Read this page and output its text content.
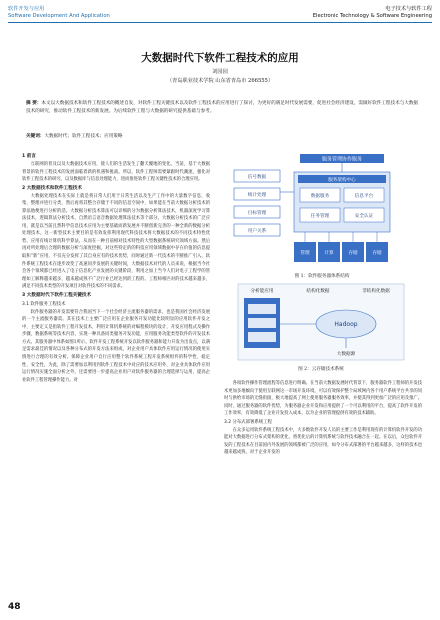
软件开发与应用
Software Development And Application
电子技术与软件工程
Electronic Technology & Software Engineering
大数据时代下软件工程技术的应用
刘园园
（青岛职业技术学院 山东省青岛市 266555）
摘 要：本文以大数据技术和软件工程技术的概述自发，对软件工程关键技术以及软件工程技术的应用进行了探讨，为更好的满足时代发展需要，促进社会经济建设，需做好软件工程技术与大数据技术的研究，推动软件工程技术的新发展。为后续软件工程与大数据的研究提供基础与参考。
关键词：大数据时代；软件工程技术；应用策略
1 前言

互联网的普及以及大数据技术应用，使人们的生活发生了翻天覆地的变化。当前，基于大数据背景的软件工程技术的发展面临着新的机遇和挑战。所以，软件工程师需要紧跟时代潮流，强化对软件工程技术的研究，以及数据库与信息处理能力，进而推进软件工程关键性技术的合理应用。

2 大数据技术和软件工程技术

大数据处理技术在实际上就是将日常人们用于日常生活以及生产工作中的大量数字信息，收集、整理并进行分类，然后再将其整合存储于不同的信息空间中，如果能在当前大数据分析技术的算法他便进行分析的活。大数据分析技术算法可以详细的分为数据分析算法技术，机器深度学习算法技术，逻辑算法分析技术，自然语言语音数据处理算法技术等个部分。大数据分析技术的广泛应用，就是以当前且然科学信息技术应用为主要基础而新发展并不断创新完善的一种全新的数据分析处理技术，这一新型技术主要目的是有效发挥利用现代科技技术将大数据技术的不同技术特性优势、应用有线计算机科学算法，从而在一种目前相对技术特性的大型数据系统研究领域方面。然后再对所处理后合理的数据分析与深度挖掘，对这些特定的的科技应用领域数据中存在价值的信息提取和“新”应用，不仅充分发挥了其自身应有的技术优势，同时通过新一代技术的不断推广引入，软件系统工程技术在逐步改变了高速同步发展的关键时间，大数据技术对代的人员来说，根据当今社会各个领域都已经进入了电子信息化产业发展的关键阶段，利用之加上当今人们对电子工程学的管理如工解释越来越多，越来越成熟不广泛行业已经达到的工程的。工程师相匹对的技术越来越多，满足不同技术类型的开发项目对软件技术的不同需求。

3 大数据时代下软件工程关键技术
3.1 软件服务工程技术

软件服务器的开发需要符合我国当下一个社会经济主流服务器的需求，也是我国社会经济发展的一个主流服务器需。其在技术上主要广泛应用在企业服务开发功能比较明显的应用软件开发之中，主要定义是指软件工程开发技术，利用计算机系统的对编程模块的设计，开发应用程式及操作步骤，数据系统等技术内容，实现一种具备同类服务开发功能，应用服务功能类型软件的开发技术方式。其服务器中体系如图1所示。软件开发工程系统开发以软件服务器和能力开发为出发点，以满足需求最佳的情况以及各种分布式的开发方法来组成，对企业用户具体软件应用运行情况的使用实情进行合理的有效分析。保障企业用户自行应用整个软件系统工程开发系统组件的科学性、稳定性、安全性，为此，除了需要加以利用到软件工程技术中对应的技术应用外，对企业具体软件应用运行情况实施全面分析之外，还需要进一步提高企业用户对软件服务器的合理选择与运用，提高企业软件工程管理操作能力。对

服务管理协作服务
信号数据
统计处理
目标管理
用户关系
服务架构中心
数据服务	信息平台
任务管理	安全认证
管理	计算	存储	存储
图 1：软件服务器体系结构
分析能应用	结构化数据	非结构化数据
Hadoop
大数据源
图 2：云存储技术系统

各项软件操作管理流程等信息进行明确。在当前大数据发展时代背景下，服务器软件工程师的开发技术更加多地倾向于使用互联网这一市场开发环境，可以有效保护整个局域网内各个用户系统平台共享的同时与供给市场的无缝衔接，极大地提高了网上使用服务器服务效率，并使其得到更加广泛的应用及推广。同时，通过服务器的软件优势，为服务器企业开发和应用提供了一个可以利用的平台，提高了软件开发的工作效率，有效降低了企业开发投入成本，以为企业的管理提供有效的技术辅助。

3.2 分布式部署系统工程

在众多运用软件系统工程技术中，大多数软件开发人员的主要工作是利用现有的计算机软件开发的功能对大数据进行分布式架构的优化，将优化后的计算机系统与软件技术融合在一起。在以后，众包软件开发的工程技术在目前国内外发展的领域都被广泛的应用，如今分布式部署的平台越来越多，这样的技术也越来越成熟，对于企业开发的

48
